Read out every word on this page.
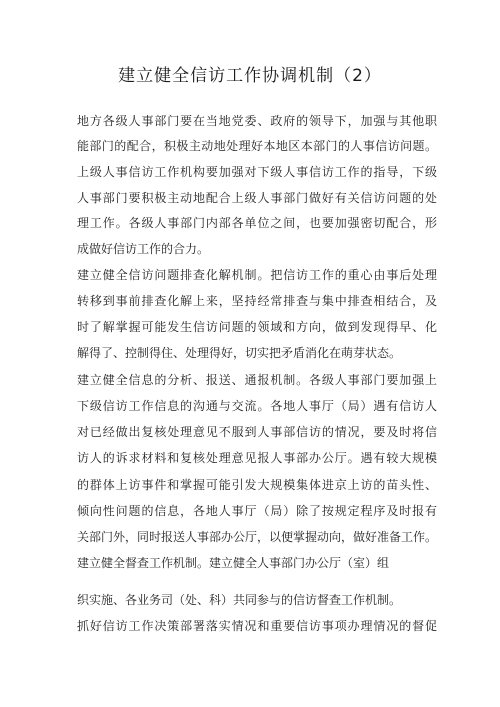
建立健全信访工作协调机制（2）
地方各级人事部门要在当地党委、政府的领导下，加强与其他职
能部门的配合，积极主动地处理好本地区本部门的人事信访问题。
上级人事信访工作机构要加强对下级人事信访工作的指导，下级
人事部门要积极主动地配合上级人事部门做好有关信访问题的处
理工作。各级人事部门内部各单位之间，也要加强密切配合，形
成做好信访工作的合力。
建立健全信访问题排查化解机制。把信访工作的重心由事后处理
转移到事前排查化解上来，坚持经常排查与集中排查相结合，及
时了解掌握可能发生信访问题的领域和方向，做到发现得早、化
解得了、控制得住、处理得好，切实把矛盾消化在萌芽状态。
建立健全信息的分析、报送、通报机制。各级人事部门要加强上
下级信访工作信息的沟通与交流。各地人事厅（局）遇有信访人
对已经做出复核处理意见不服到人事部信访的情况，要及时将信
访人的诉求材料和复核处理意见报人事部办公厅。遇有较大规模
的群体上访事件和掌握可能引发大规模集体进京上访的苗头性、
倾向性问题的信息，各地人事厅（局）除了按规定程序及时报有
关部门外，同时报送人事部办公厅，以便掌握动向，做好准备工作。
建立健全督查工作机制。建立健全人事部门办公厅（室）组
织实施、各业务司（处、科）共同参与的信访督查工作机制。
抓好信访工作决策部署落实情况和重要信访事项办理情况的督促
